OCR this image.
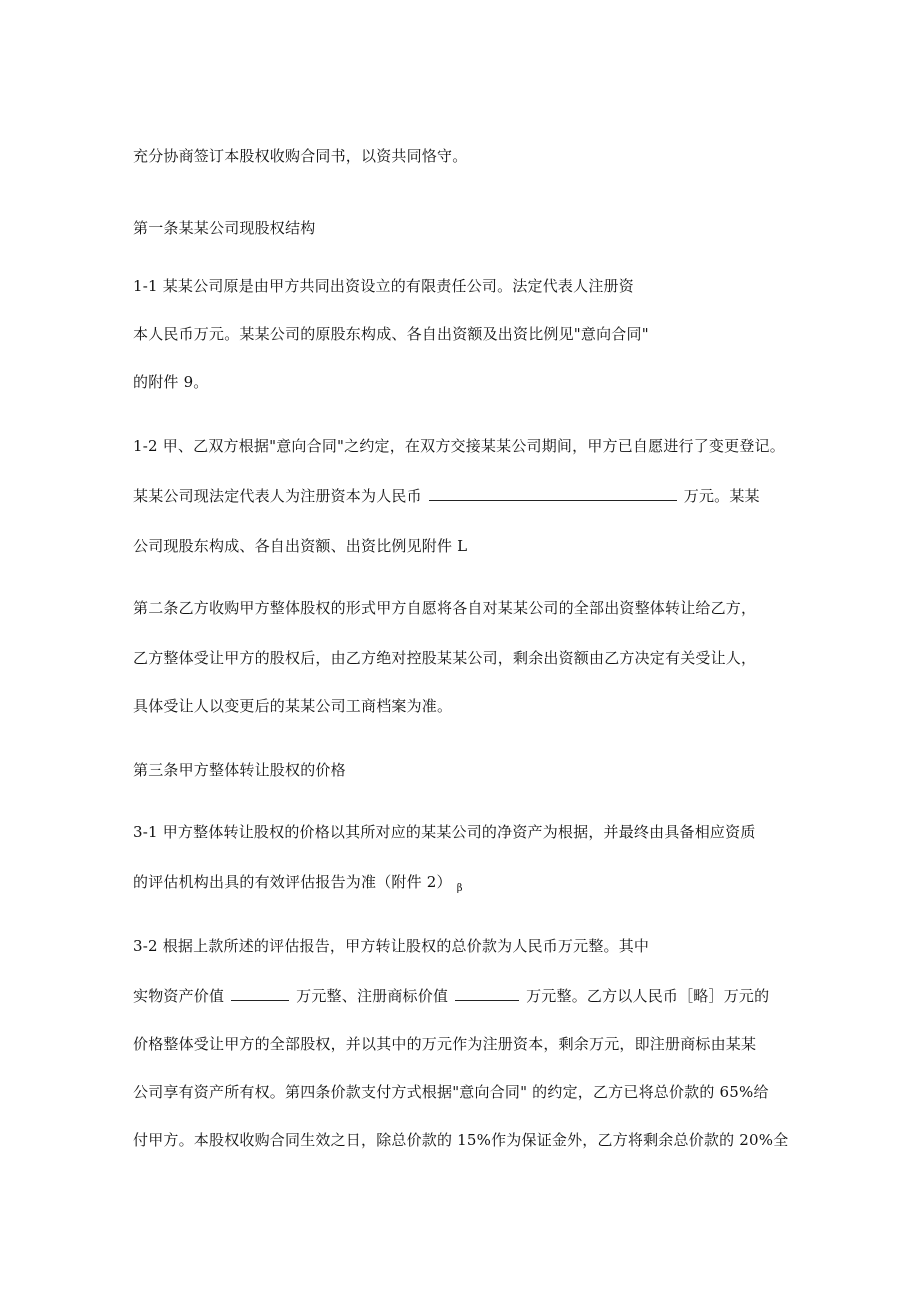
充分协商签订本股权收购合同书，以资共同恪守。
第一条某某公司现股权结构
1-1 某某公司原是由甲方共同出资设立的有限责任公司。法定代表人注册资
本人民币万元。某某公司的原股东构成、各自出资额及出资比例见"意向合同"
的附件 9。
1-2 甲、乙双方根据"意向合同"之约定，在双方交接某某公司期间，甲方已自愿进行了变更登记。
某某公司现法定代表人为注册资本为人民币	万元。某某
公司现股东构成、各自出资额、出资比例见附件 L
第二条乙方收购甲方整体股权的形式甲方自愿将各自对某某公司的全部出资整体转让给乙方，
乙方整体受让甲方的股权后，由乙方绝对控股某某公司，剩余出资额由乙方决定有关受让人，
具体受让人以变更后的某某公司工商档案为准。
第三条甲方整体转让股权的价格
3-1 甲方整体转让股权的价格以其所对应的某某公司的净资产为根据，并最终由具备相应资质
的评估机构出具的有效评估报告为准（附件 2） $_\beta$
3-2 根据上款所述的评估报告，甲方转让股权的总价款为人民币万元整。其中
实物资产价值	万元整、注册商标价值	万元整。乙方以人民币［略］万元的
价格整体受让甲方的全部股权，并以其中的万元作为注册资本，剩余万元，即注册商标由某某
公司享有资产所有权。第四条价款支付方式根据"意向合同" 的约定，乙方已将总价款的 65%给
付甲方。本股权收购合同生效之日，除总价款的 15%作为保证金外，乙方将剩余总价款的 20%全
